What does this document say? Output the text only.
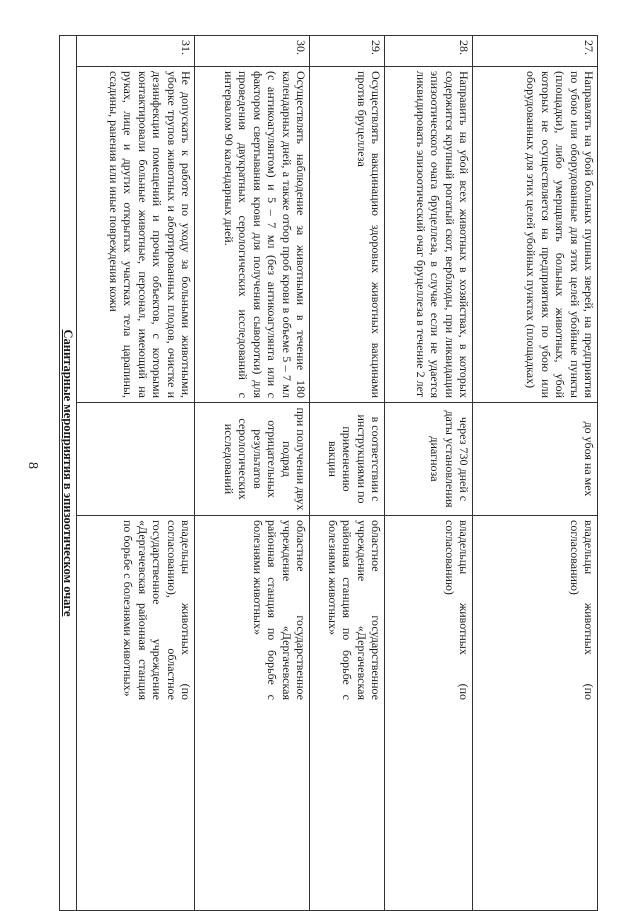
8
27.	Направлять на убой больных пушных зверей, на предприятия по убою или оборудованные для этих целей убойные пункты (площадки), либо умерщвлять больных животных, убой которых не осуществляется на предприятиях по убою или оборудованных для этих целей убойных пунктах (площадках)	до убоя на мех	владельцы животных (по согласованию)

28.	Направить на убой всех животных в хозяйствах, в которых содержится крупный рогатый скот, верблюды, при ликвидации эпизоотического очага бруцеллеза, в случае если не удается ликвидировать эпизоотический очаг бруцеллеза в течение 2 лет	через 730 дней с даты установления диагноза	владельцы животных (по согласованию)

29.	Осуществлять вакцинацию здоровых животных вакцинами против бруцеллеза	в соответствии с инструкциями по применению вакцин	областное государственное учреждение «Дергачевская районная станция по борьбе с болезнями животных»

30.	Осуществлять наблюдение за животными в течение 180 календарных дней, а также отбор проб крови в объеме 5 – 7 мл (с антикоагулянтом) и 5 – 7 мл (без антикоагулянта или с фактором свертывания крови для получения сыворотки) для проведения двукратных серологических исследований с интервалом 90 календарных дней.	при получении двух подряд отрицательных результатов серологических исследований	областное государственное учреждение «Дергачевская районная станция по борьбе с болезнями животных»

31.	Не допускать к работе по уходу за больными животными, уборке трупов животных и абортированных плодов, очистке и дезинфекции помещений и прочих объектов, с которыми контактировали больные животные, персонал, имеющий на руках, лице и других открытых участках тела царапины, ссадины, ранения или иные повреждения кожи		владельцы животных (по согласованию), областное государственное учреждение «Дергачевская районная станция по борьбе с болезнями животных»

Санитарные мероприятия в эпизоотическом очаге			
